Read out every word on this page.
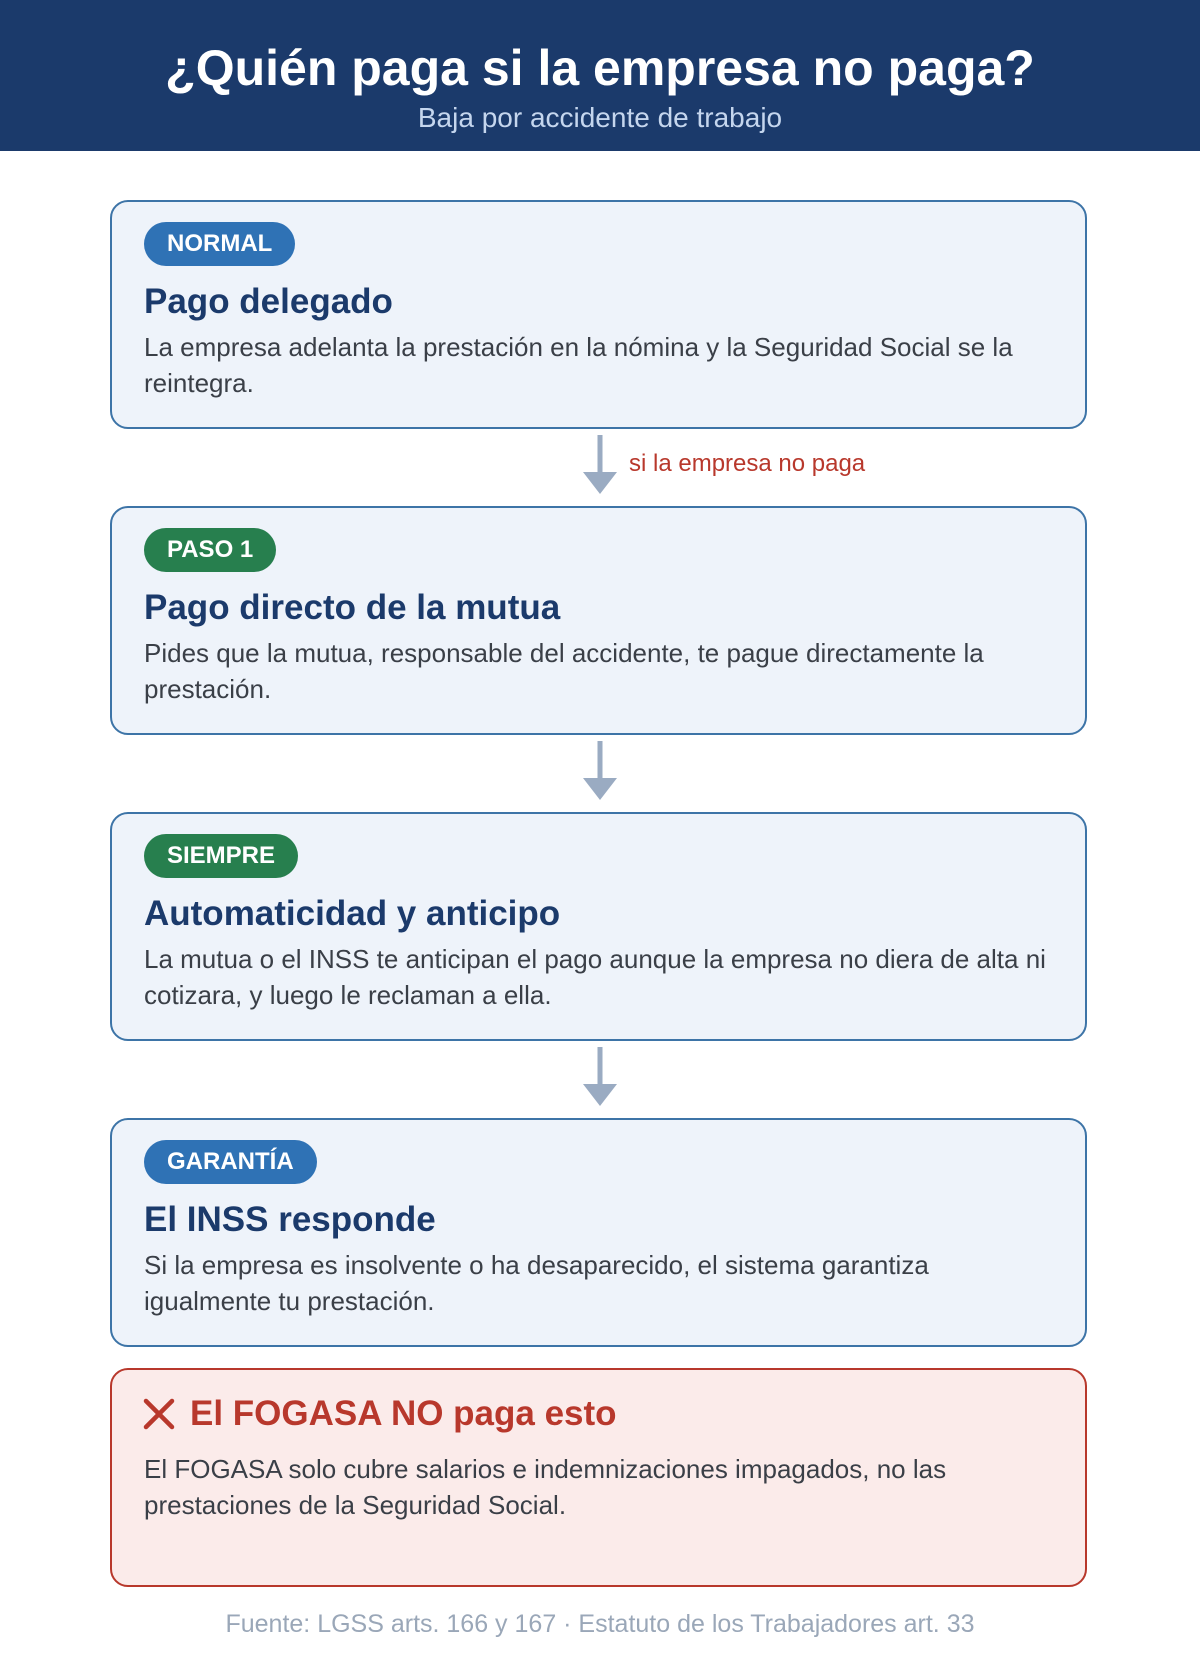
¿Quién paga si la empresa no paga?
Baja por accidente de trabajo
NORMAL
Pago delegado
La empresa adelanta la prestación en la nómina y la Seguridad Social se la reintegra.
si la empresa no paga
PASO 1
Pago directo de la mutua
Pides que la mutua, responsable del accidente, te pague directamente la prestación.
SIEMPRE
Automaticidad y anticipo
La mutua o el INSS te anticipan el pago aunque la empresa no diera de alta ni cotizara, y luego le reclaman a ella.
GARANTÍA
El INSS responde
Si la empresa es insolvente o ha desaparecido, el sistema garantiza igualmente tu prestación.
El FOGASA NO paga esto
El FOGASA solo cubre salarios e indemnizaciones impagados, no las prestaciones de la Seguridad Social.
Fuente: LGSS arts. 166 y 167 · Estatuto de los Trabajadores art. 33
